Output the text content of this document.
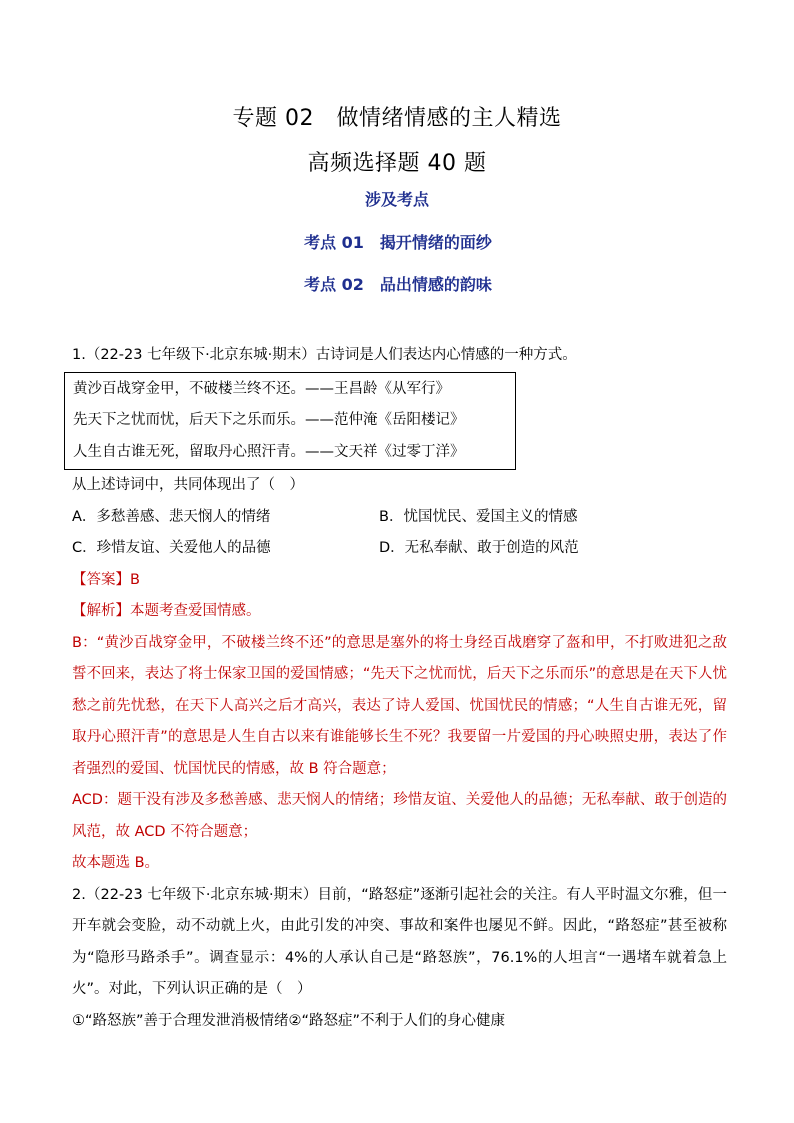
专题 02　做情绪情感的主人精选
高频选择题 40 题
涉及考点
考点 01　揭开情绪的面纱
考点 02　品出情感的韵味
1.（22-23 七年级下·北京东城·期末）古诗词是人们表达内心情感的一种方式。
黄沙百战穿金甲，不破楼兰终不还。——王昌龄《从军行》
先天下之忧而忧，后天下之乐而乐。——范仲淹《岳阳楼记》
人生自古谁无死，留取丹心照汗青。——文天祥《过零丁洋》
从上述诗词中，共同体现出了（　）
A．多愁善感、悲天悯人的情绪	B．忧国忧民、爱国主义的情感
C．珍惜友谊、关爱他人的品德	D．无私奉献、敢于创造的风范
【答案】B
【解析】本题考查爱国情感。
B：“黄沙百战穿金甲，不破楼兰终不还”的意思是塞外的将士身经百战磨穿了盔和甲，不打败进犯之敌誓不回来，表达了将士保家卫国的爱国情感；“先天下之忧而忧，后天下之乐而乐”的意思是在天下人忧愁之前先忧愁，在天下人高兴之后才高兴，表达了诗人爱国、忧国忧民的情感；“人生自古谁无死，留取丹心照汗青”的意思是人生自古以来有谁能够长生不死？我要留一片爱国的丹心映照史册，表达了作者强烈的爱国、忧国忧民的情感，故 B 符合题意；
ACD：题干没有涉及多愁善感、悲天悯人的情绪；珍惜友谊、关爱他人的品德；无私奉献、敢于创造的风范，故 ACD 不符合题意；
故本题选 B。
2.（22-23 七年级下·北京东城·期末）目前，“路怒症”逐渐引起社会的关注。有人平时温文尔雅，但一开车就会变脸，动不动就上火，由此引发的冲突、事故和案件也屡见不鲜。因此，“路怒症”甚至被称为“隐形马路杀手”。调查显示：4%的人承认自己是“路怒族”，76.1%的人坦言“一遇堵车就着急上火”。对此，下列认识正确的是（　）
①“路怒族”善于合理发泄消极情绪②“路怒症”不利于人们的身心健康
